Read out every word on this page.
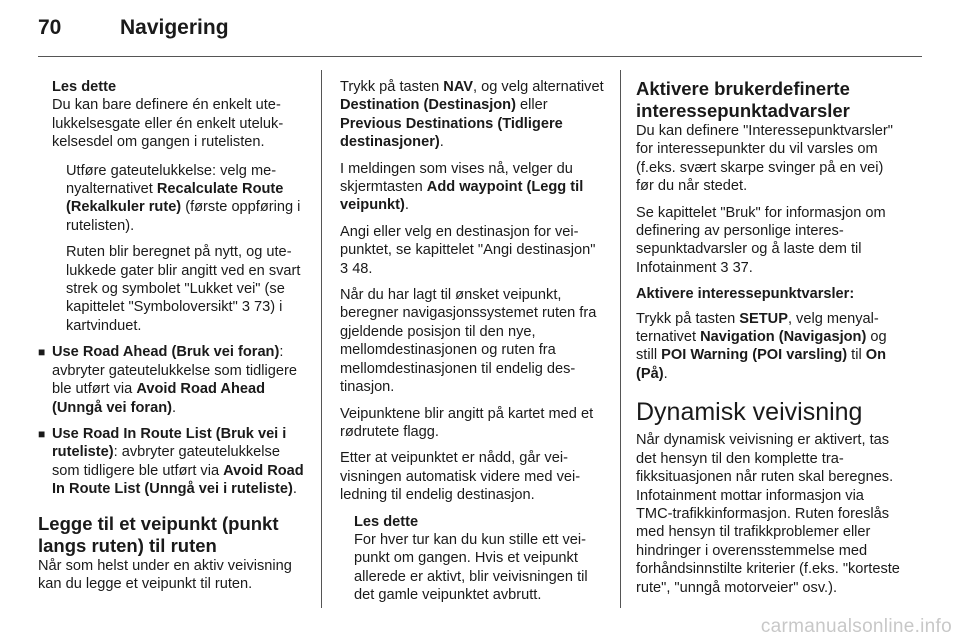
70	Navigering
Les dette
Du kan bare definere én enkelt utelukkelsesgate eller én enkelt utelukkelsesdel om gangen i rutelisten.

Utføre gateutelukkelse: velg menyalternativet Recalculate Route (Rekalkuler rute) (første oppføring i rutelisten).

Ruten blir beregnet på nytt, og utelukkede gater blir angitt ved en svart strek og symbolet "Lukket vei" (se kapittelet "Symboloversikt" 3 73) i kartvinduet.

■ Use Road Ahead (Bruk vei foran): avbryter gateutelukkelse som tidligere ble utført via Avoid Road Ahead (Unngå vei foran).
■ Use Road In Route List (Bruk vei i ruteliste): avbryter gateutelukkelse som tidligere ble utført via Avoid Road In Route List (Unngå vei i ruteliste).
Legge til et veipunkt (punkt langs ruten) til ruten

Når som helst under en aktiv veivisning kan du legge et veipunkt til ruten.

Trykk på tasten NAV, og velg alternativet Destination (Destinasjon) eller Previous Destinations (Tidligere destinasjoner).

I meldingen som vises nå, velger du skjermtasten Add waypoint (Legg til veipunkt).

Angi eller velg en destinasjon for veipunktet, se kapittelet "Angi destinasjon" 3 48.

Når du har lagt til ønsket veipunkt, beregner navigasjonssystemet ruten fra gjeldende posisjon til den nye, mellomdestinasjonen og ruten fra mellomdestinasjonen til endelig destinasjon.

Veipunktene blir angitt på kartet med et rødrutete flagg.

Etter at veipunktet er nådd, går veivisningen automatisk videre med veiledning til endelig destinasjon.

Les dette
For hver tur kan du kun stille ett veipunkt om gangen. Hvis et veipunkt allerede er aktivt, blir veivisningen til det gamle veipunktet avbrutt.
Aktivere brukerdefinerte interessepunktadvarsler

Du kan definere "Interessepunktvarsler" for interessepunkter du vil varsles om (f.eks. svært skarpe svinger på en vei) før du når stedet.

Se kapittelet "Bruk" for informasjon om definering av personlige interessepunktadvarsler og å laste dem til Infotainment 3 37.

Aktivere interessepunktvarsler:

Trykk på tasten SETUP, velg menyalternativet Navigation (Navigasjon) og still POI Warning (POI varsling) til On (På).

Dynamisk veivisning

Når dynamisk veivisning er aktivert, tas det hensyn til den komplette trafikksituasjonen når ruten skal beregnes. Infotainment mottar informasjon via TMC-trafikkinformasjon. Ruten foreslås med hensyn til trafikkproblemer eller hindringer i overensstemmelse med forhåndsinnstilte kriterier (f.eks. "korteste rute", "unngå motorveier" osv.).

carmanualsonline.info
